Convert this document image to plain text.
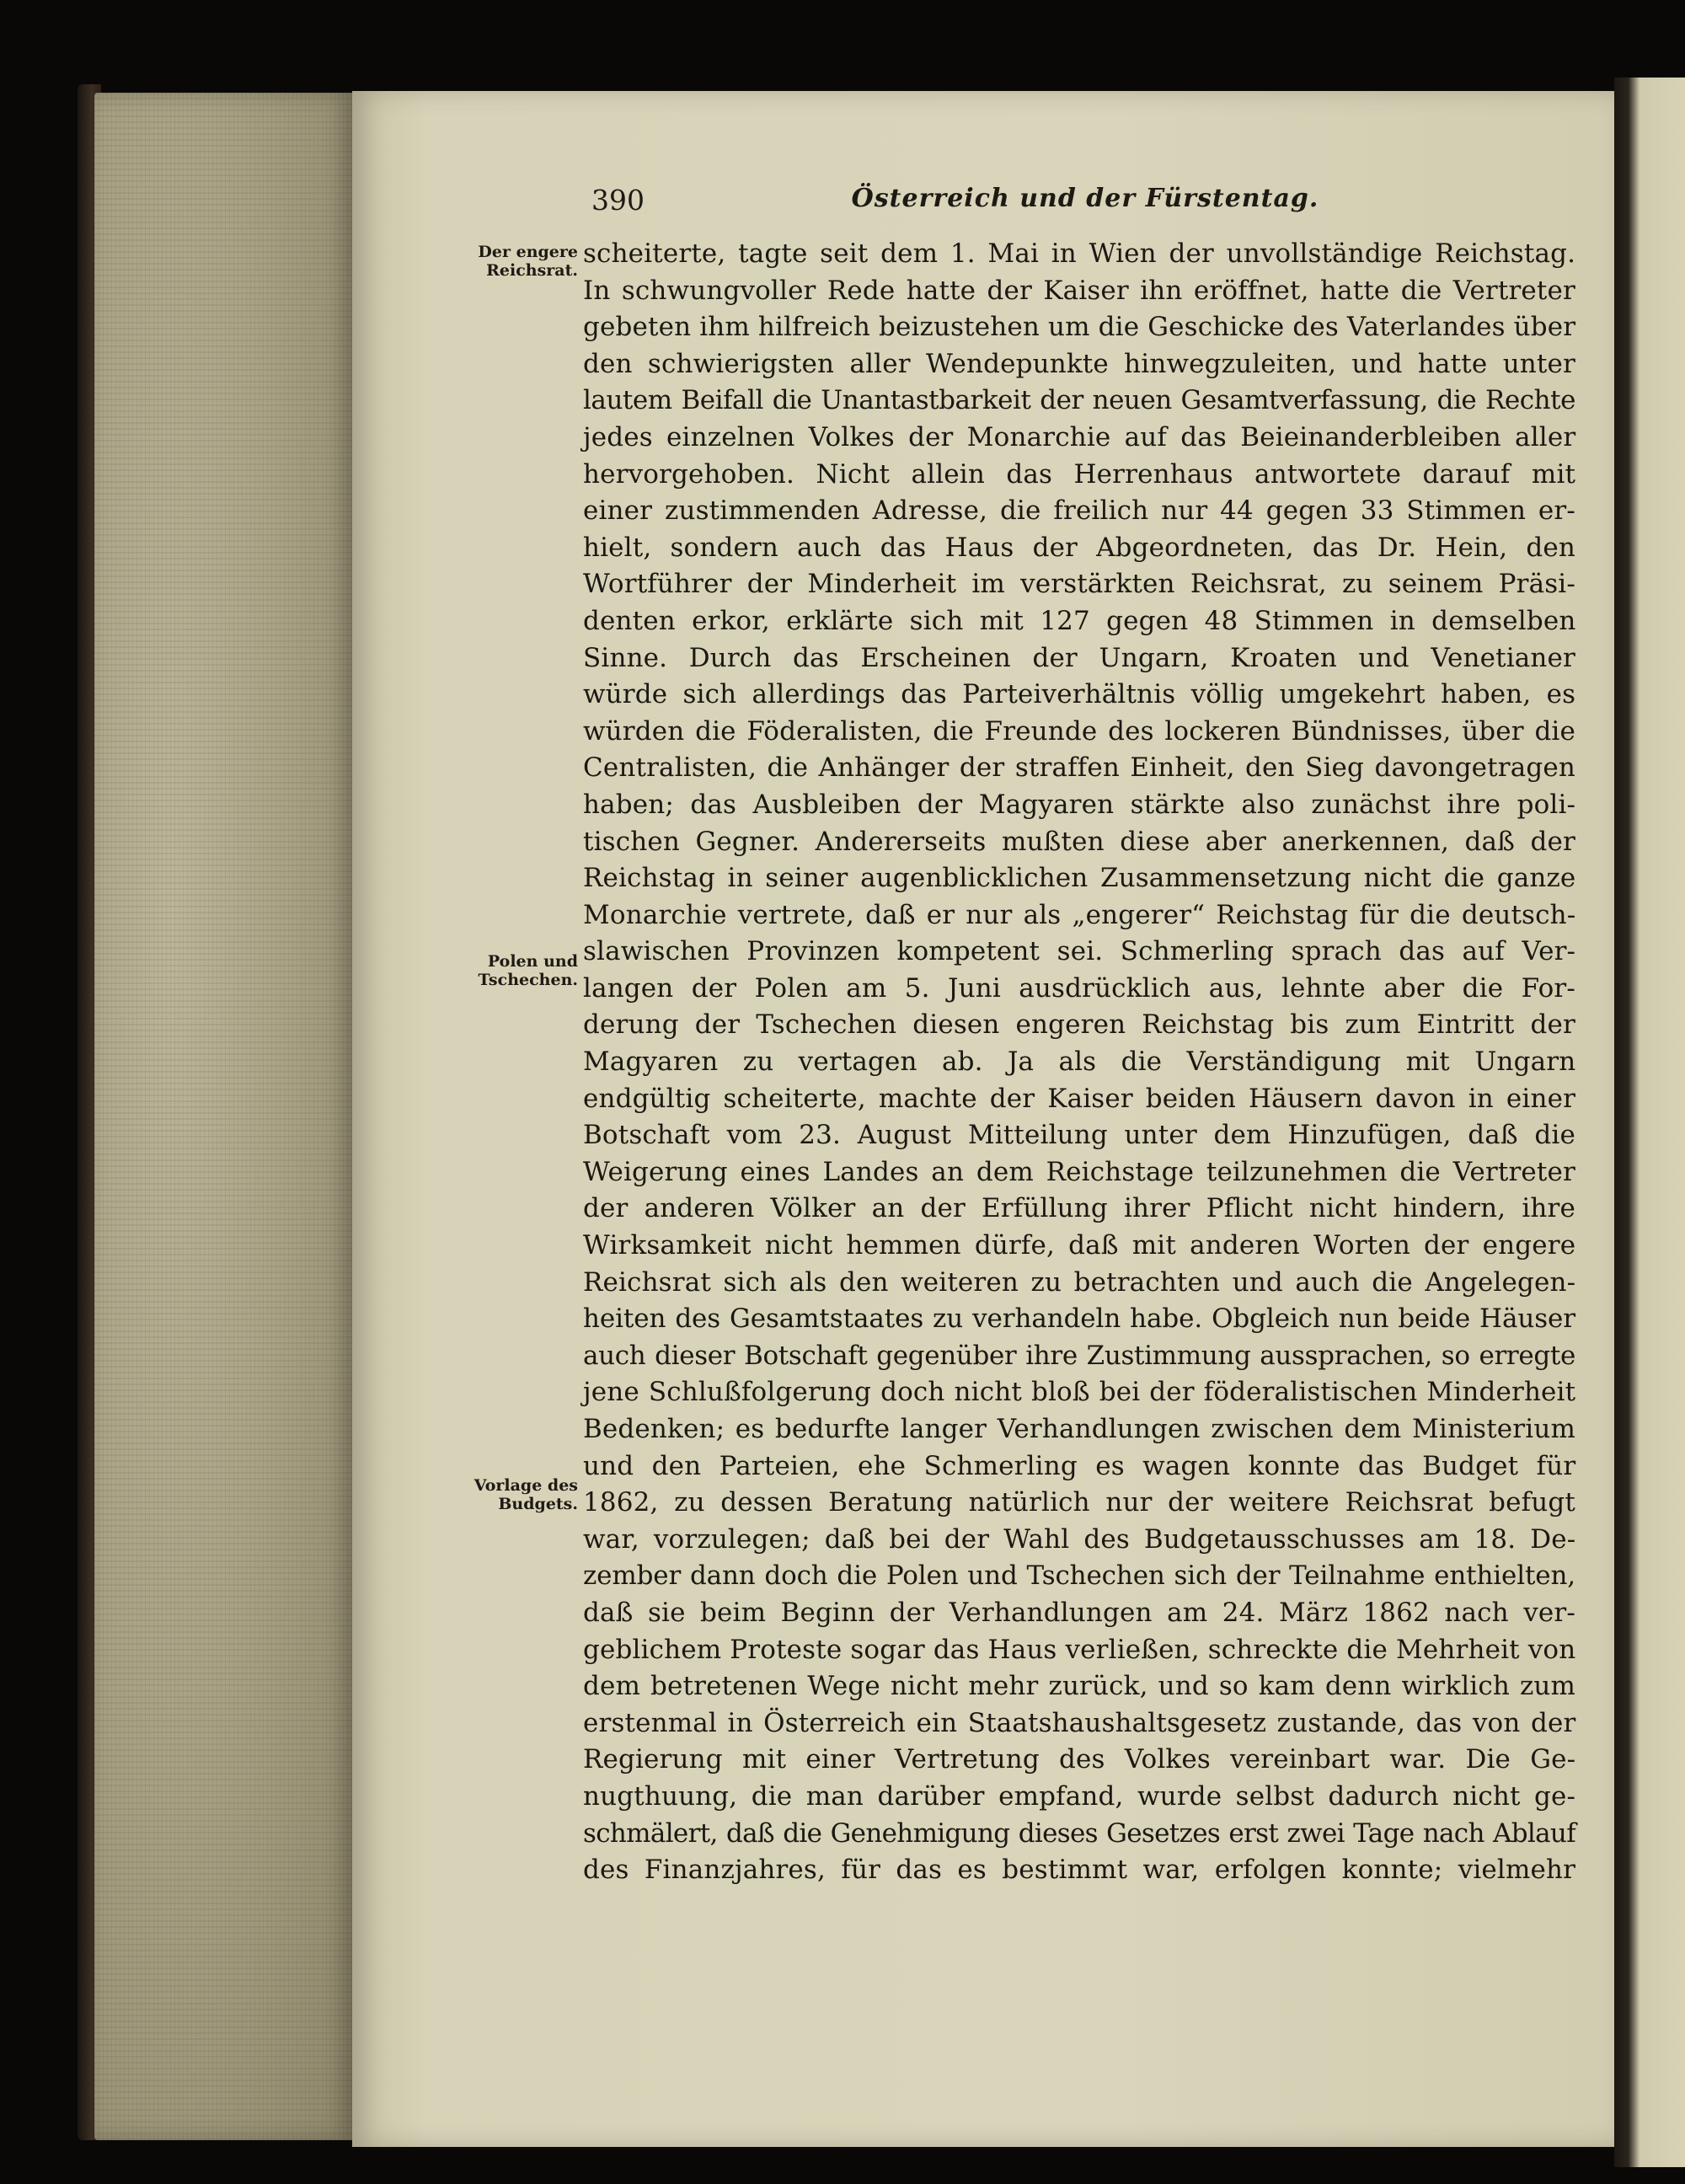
390	Österreich und der Fürstentag.
Der engere
Reichsrat.
Polen und
Tschechen.
Vorlage des
Budgets.
scheiterte, tagte seit dem 1. Mai in Wien der unvollständige Reichstag.
In schwungvoller Rede hatte der Kaiser ihn eröffnet, hatte die Vertreter
gebeten ihm hilfreich beizustehen um die Geschicke des Vaterlandes über
den schwierigsten aller Wendepunkte hinwegzuleiten, und hatte unter
lautem Beifall die Unantastbarkeit der neuen Gesamtverfassung, die Rechte
jedes einzelnen Volkes der Monarchie auf das Beieinanderbleiben aller
hervorgehoben. Nicht allein das Herrenhaus antwortete darauf mit
einer zustimmenden Adresse, die freilich nur 44 gegen 33 Stimmen er-
hielt, sondern auch das Haus der Abgeordneten, das Dr. Hein, den
Wortführer der Minderheit im verstärkten Reichsrat, zu seinem Präsi-
denten erkor, erklärte sich mit 127 gegen 48 Stimmen in demselben
Sinne. Durch das Erscheinen der Ungarn, Kroaten und Venetianer
würde sich allerdings das Parteiverhältnis völlig umgekehrt haben, es
würden die Föderalisten, die Freunde des lockeren Bündnisses, über die
Centralisten, die Anhänger der straffen Einheit, den Sieg davongetragen
haben; das Ausbleiben der Magyaren stärkte also zunächst ihre poli-
tischen Gegner. Andererseits mußten diese aber anerkennen, daß der
Reichstag in seiner augenblicklichen Zusammensetzung nicht die ganze
Monarchie vertrete, daß er nur als „engerer“ Reichstag für die deutsch-
slawischen Provinzen kompetent sei. Schmerling sprach das auf Ver-
langen der Polen am 5. Juni ausdrücklich aus, lehnte aber die For-
derung der Tschechen diesen engeren Reichstag bis zum Eintritt der
Magyaren zu vertagen ab. Ja als die Verständigung mit Ungarn
endgültig scheiterte, machte der Kaiser beiden Häusern davon in einer
Botschaft vom 23. August Mitteilung unter dem Hinzufügen, daß die
Weigerung eines Landes an dem Reichstage teilzunehmen die Vertreter
der anderen Völker an der Erfüllung ihrer Pflicht nicht hindern, ihre
Wirksamkeit nicht hemmen dürfe, daß mit anderen Worten der engere
Reichsrat sich als den weiteren zu betrachten und auch die Angelegen-
heiten des Gesamtstaates zu verhandeln habe. Obgleich nun beide Häuser
auch dieser Botschaft gegenüber ihre Zustimmung aussprachen, so erregte
jene Schlußfolgerung doch nicht bloß bei der föderalistischen Minderheit
Bedenken; es bedurfte langer Verhandlungen zwischen dem Ministerium
und den Parteien, ehe Schmerling es wagen konnte das Budget für
1862, zu dessen Beratung natürlich nur der weitere Reichsrat befugt
war, vorzulegen; daß bei der Wahl des Budgetausschusses am 18. De-
zember dann doch die Polen und Tschechen sich der Teilnahme enthielten,
daß sie beim Beginn der Verhandlungen am 24. März 1862 nach ver-
geblichem Proteste sogar das Haus verließen, schreckte die Mehrheit von
dem betretenen Wege nicht mehr zurück, und so kam denn wirklich zum
erstenmal in Österreich ein Staatshaushaltsgesetz zustande, das von der
Regierung mit einer Vertretung des Volkes vereinbart war. Die Ge-
nugthuung, die man darüber empfand, wurde selbst dadurch nicht ge-
schmälert, daß die Genehmigung dieses Gesetzes erst zwei Tage nach Ablauf
des Finanzjahres, für das es bestimmt war, erfolgen konnte; vielmehr
